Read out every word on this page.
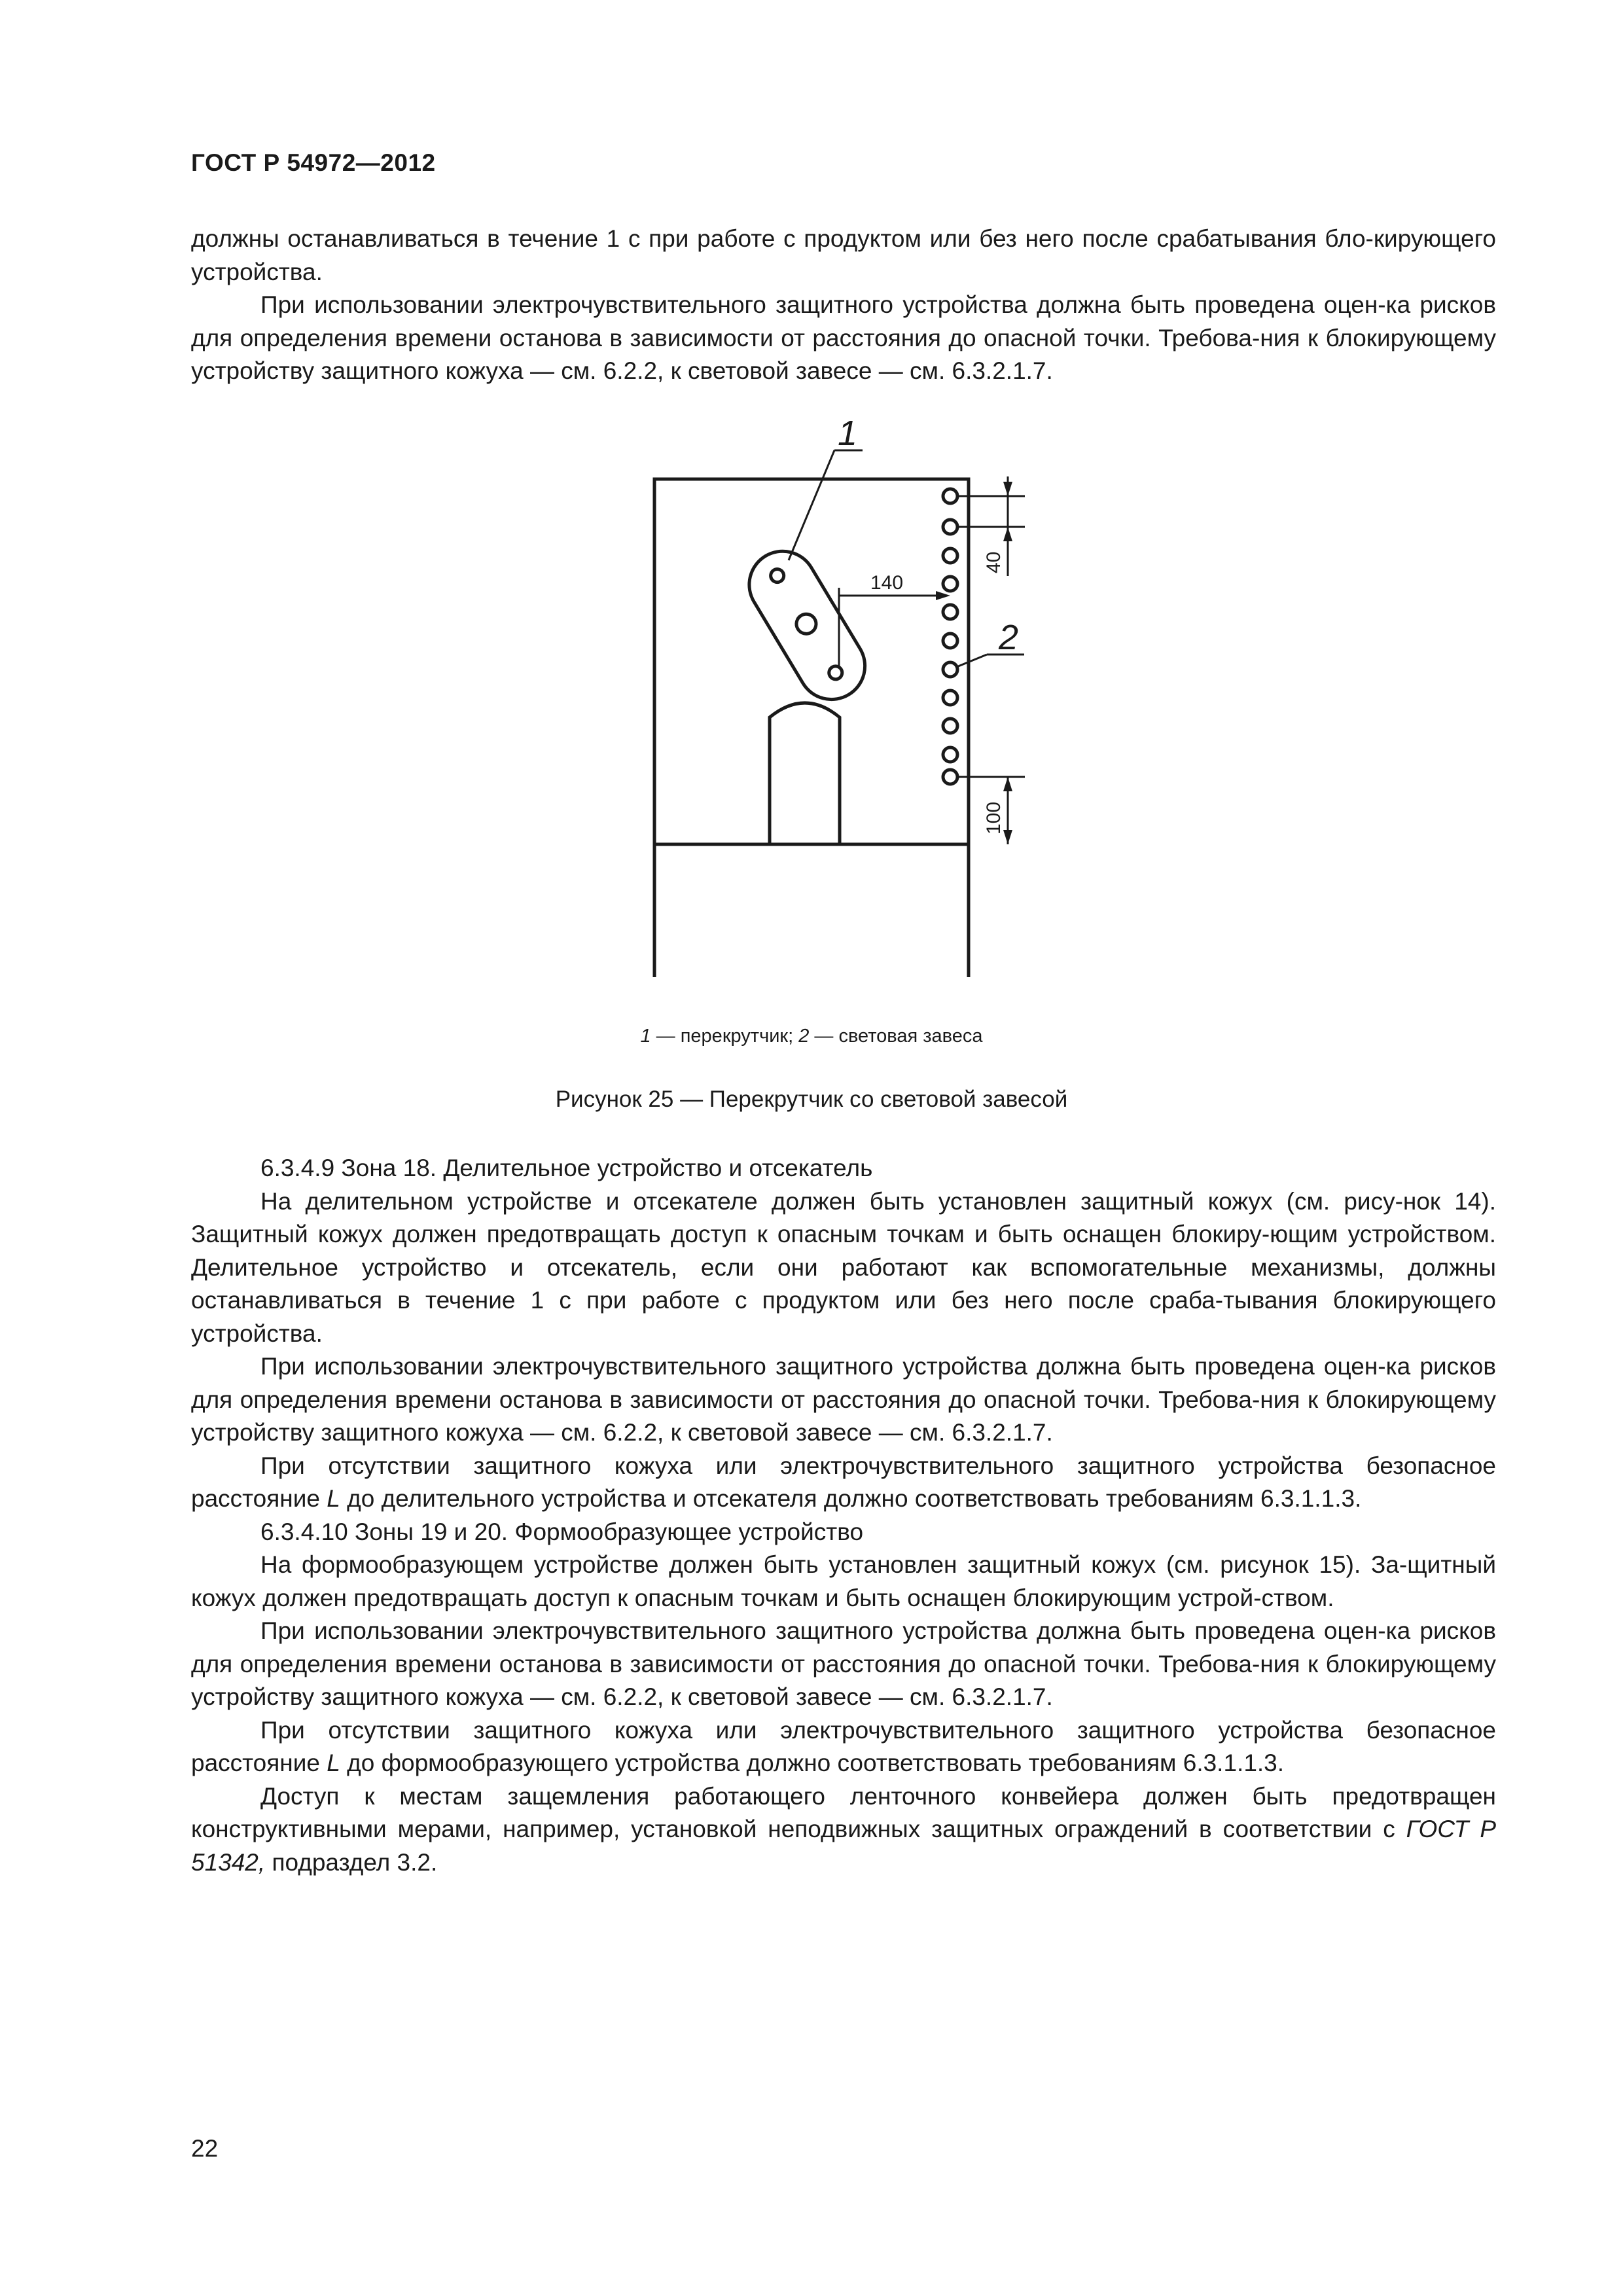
ГОСТ Р 54972—2012

должны останавливаться в течение 1 с при работе с продуктом или без него после срабатывания бло-кирующего устройства.

При использовании электрочувствительного защитного устройства должна быть проведена оцен-ка рисков для определения времени останова в зависимости от расстояния до опасной точки. Требова-ния к блокирующему устройству защитного кожуха — см. 6.2.2, к световой завесе — см. 6.3.2.1.7.

1
2
140
40
100
1 — перекрутчик; 2 — световая завеса
Рисунок 25 — Перекрутчик со световой завесой

6.3.4.9 Зона 18. Делительное устройство и отсекатель

На делительном устройстве и отсекателе должен быть установлен защитный кожух (см. рису-нок 14). Защитный кожух должен предотвращать доступ к опасным точкам и быть оснащен блокиру-ющим устройством. Делительное устройство и отсекатель, если они работают как вспомогательные механизмы, должны останавливаться в течение 1 с при работе с продуктом или без него после сраба-тывания блокирующего устройства.

При использовании электрочувствительного защитного устройства должна быть проведена оцен-ка рисков для определения времени останова в зависимости от расстояния до опасной точки. Требова-ния к блокирующему устройству защитного кожуха — см. 6.2.2, к световой завесе — см. 6.3.2.1.7.

При отсутствии защитного кожуха или электрочувствительного защитного устройства безопасное расстояние L до делительного устройства и отсекателя должно соответствовать требованиям 6.3.1.1.3.

6.3.4.10 Зоны 19 и 20. Формообразующее устройство

На формообразующем устройстве должен быть установлен защитный кожух (см. рисунок 15). За-щитный кожух должен предотвращать доступ к опасным точкам и быть оснащен блокирующим устрой-ством.

При использовании электрочувствительного защитного устройства должна быть проведена оцен-ка рисков для определения времени останова в зависимости от расстояния до опасной точки. Требова-ния к блокирующему устройству защитного кожуха — см. 6.2.2, к световой завесе — см. 6.3.2.1.7.

При отсутствии защитного кожуха или электрочувствительного защитного устройства безопасное расстояние L до формообразующего устройства должно соответствовать требованиям 6.3.1.1.3.

Доступ к местам защемления работающего ленточного конвейера должен быть предотвращен конструктивными мерами, например, установкой неподвижных защитных ограждений в соответствии с ГОСТ Р 51342, подраздел 3.2.

22
